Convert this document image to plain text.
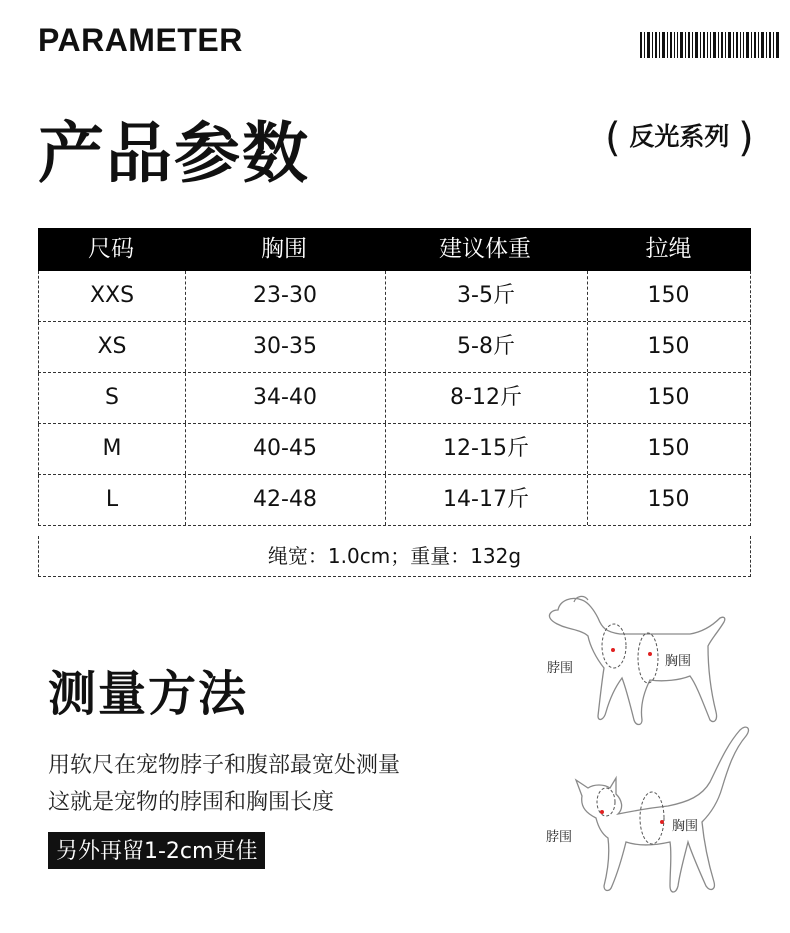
PARAMETER
产品参数	( 反光系列 )
尺码	胸围	建议体重	拉绳
XXS	23-30	3-5斤	150
XS	30-35	5-8斤	150
S	34-40	8-12斤	150
M	40-45	12-15斤	150
L	42-48	14-17斤	150
绳宽：1.0cm；重量：132g
测量方法
用软尺在宠物脖子和腹部最宽处测量
这就是宠物的脖围和胸围长度
另外再留1-2cm更佳
脖围	胸围
脖围
胸围
